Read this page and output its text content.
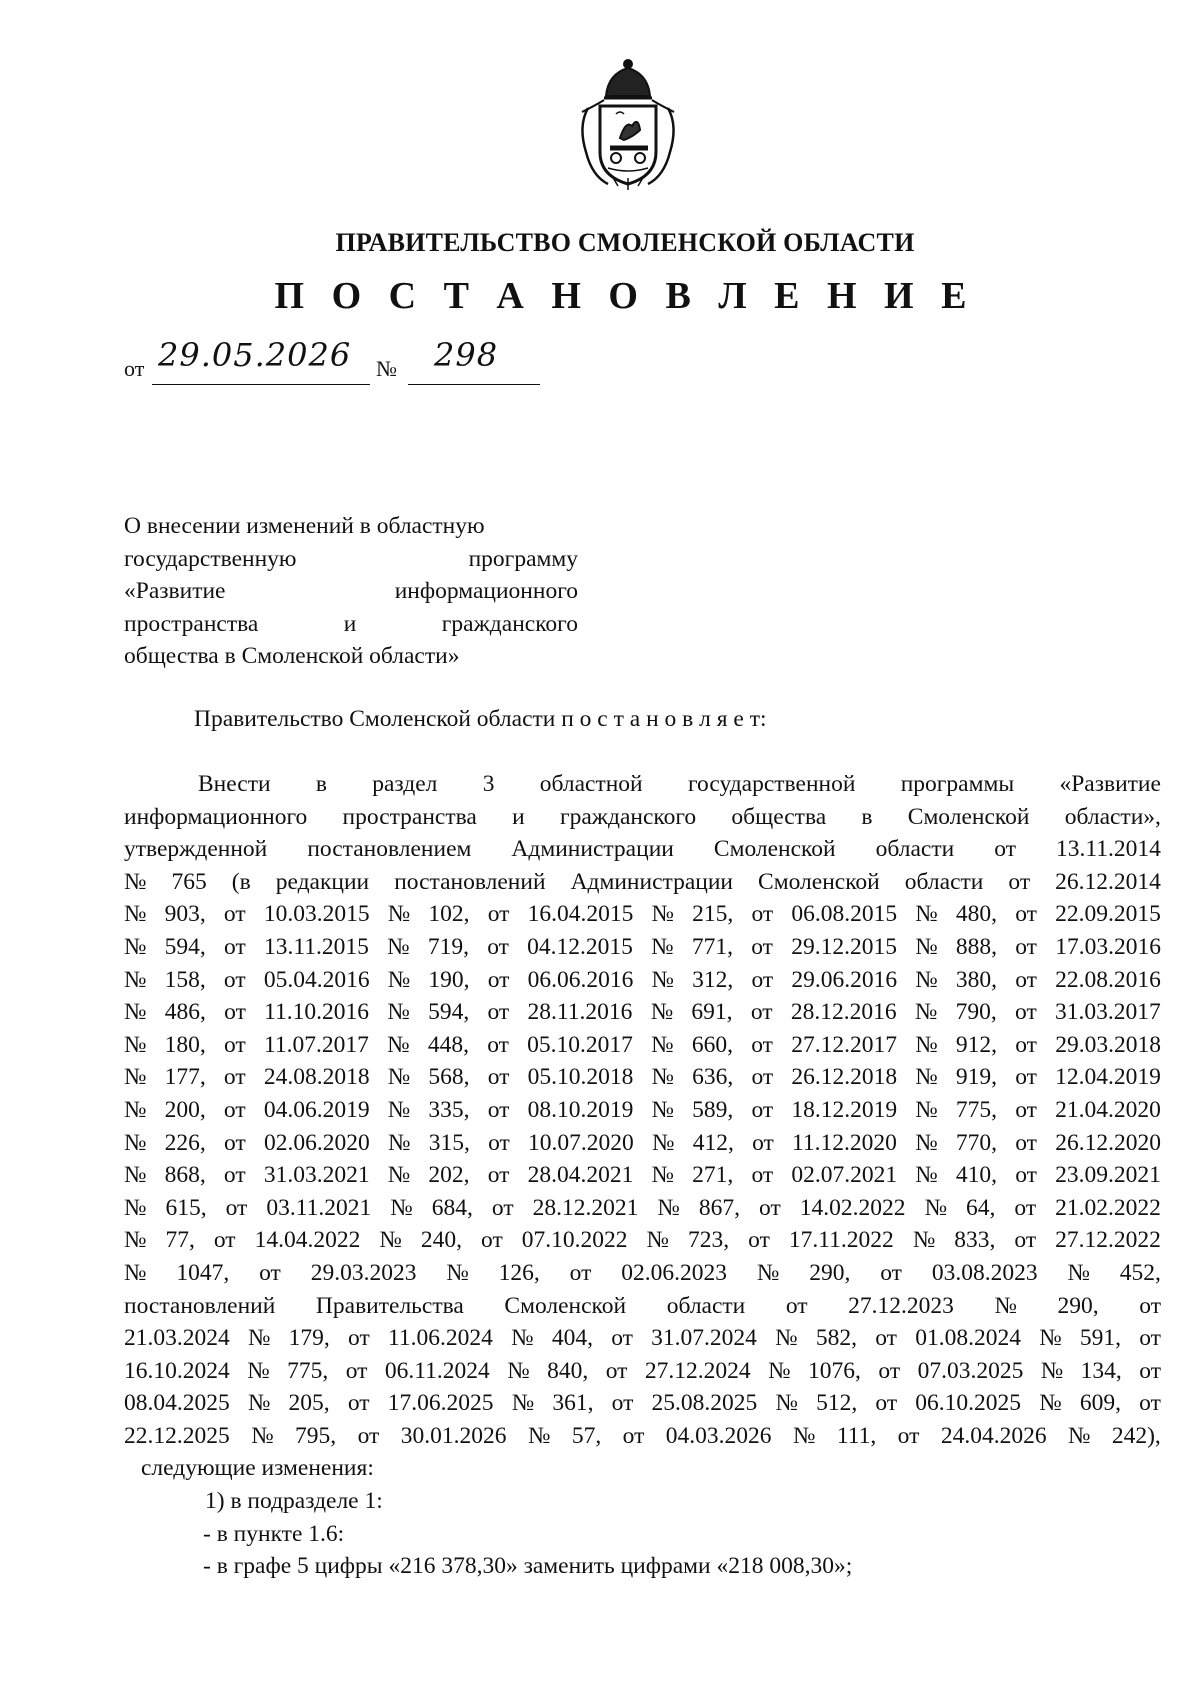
ПРАВИТЕЛЬСТВО СМОЛЕНСКОЙ ОБЛАСТИ
П О С Т А Н О В Л Е Н И Е
от 29.05.2026 № 298
О внесении изменений в областную
государственную	программу
«Развитие	информационного
пространства	и	гражданского
общества в Смоленской области»
Правительство Смоленской области п о с т а н о в л я е т:
Внести в раздел 3 областной государственной программы «Развитие
информационного пространства и гражданского общества в Смоленской области»,
утвержденной постановлением Администрации Смоленской области от 13.11.2014
№ 765 (в редакции постановлений Администрации Смоленской области от 26.12.2014
№ 903, от 10.03.2015 № 102, от 16.04.2015 № 215, от 06.08.2015 № 480, от 22.09.2015
№ 594, от 13.11.2015 № 719, от 04.12.2015 № 771, от 29.12.2015 № 888, от 17.03.2016
№ 158, от 05.04.2016 № 190, от 06.06.2016 № 312, от 29.06.2016 № 380, от 22.08.2016
№ 486, от 11.10.2016 № 594, от 28.11.2016 № 691, от 28.12.2016 № 790, от 31.03.2017
№ 180, от 11.07.2017 № 448, от 05.10.2017 № 660, от 27.12.2017 № 912, от 29.03.2018
№ 177, от 24.08.2018 № 568, от 05.10.2018 № 636, от 26.12.2018 № 919, от 12.04.2019
№ 200, от 04.06.2019 № 335, от 08.10.2019 № 589, от 18.12.2019 № 775, от 21.04.2020
№ 226, от 02.06.2020 № 315, от 10.07.2020 № 412, от 11.12.2020 № 770, от 26.12.2020
№ 868, от 31.03.2021 № 202, от 28.04.2021 № 271, от 02.07.2021 № 410, от 23.09.2021
№ 615, от 03.11.2021 № 684, от 28.12.2021 № 867, от 14.02.2022 № 64, от 21.02.2022
№ 77, от 14.04.2022 № 240, от 07.10.2022 № 723, от 17.11.2022 № 833, от 27.12.2022
№ 1047, от 29.03.2023 № 126, от 02.06.2023 № 290, от 03.08.2023 № 452,
постановлений Правительства Смоленской области от 27.12.2023 № 290, от
21.03.2024 № 179, от 11.06.2024 № 404, от 31.07.2024 № 582, от 01.08.2024 № 591, от
16.10.2024 № 775, от 06.11.2024 № 840, от 27.12.2024 № 1076, от 07.03.2025 № 134, от
08.04.2025 № 205, от 17.06.2025 № 361, от 25.08.2025 № 512, от 06.10.2025 № 609, от
22.12.2025 № 795, от 30.01.2026 № 57, от 04.03.2026 № 111, от 24.04.2026 № 242),
следующие изменения:
1) в подразделе 1:
- в пункте 1.6:
- в графе 5 цифры «216 378,30» заменить цифрами «218 008,30»;
